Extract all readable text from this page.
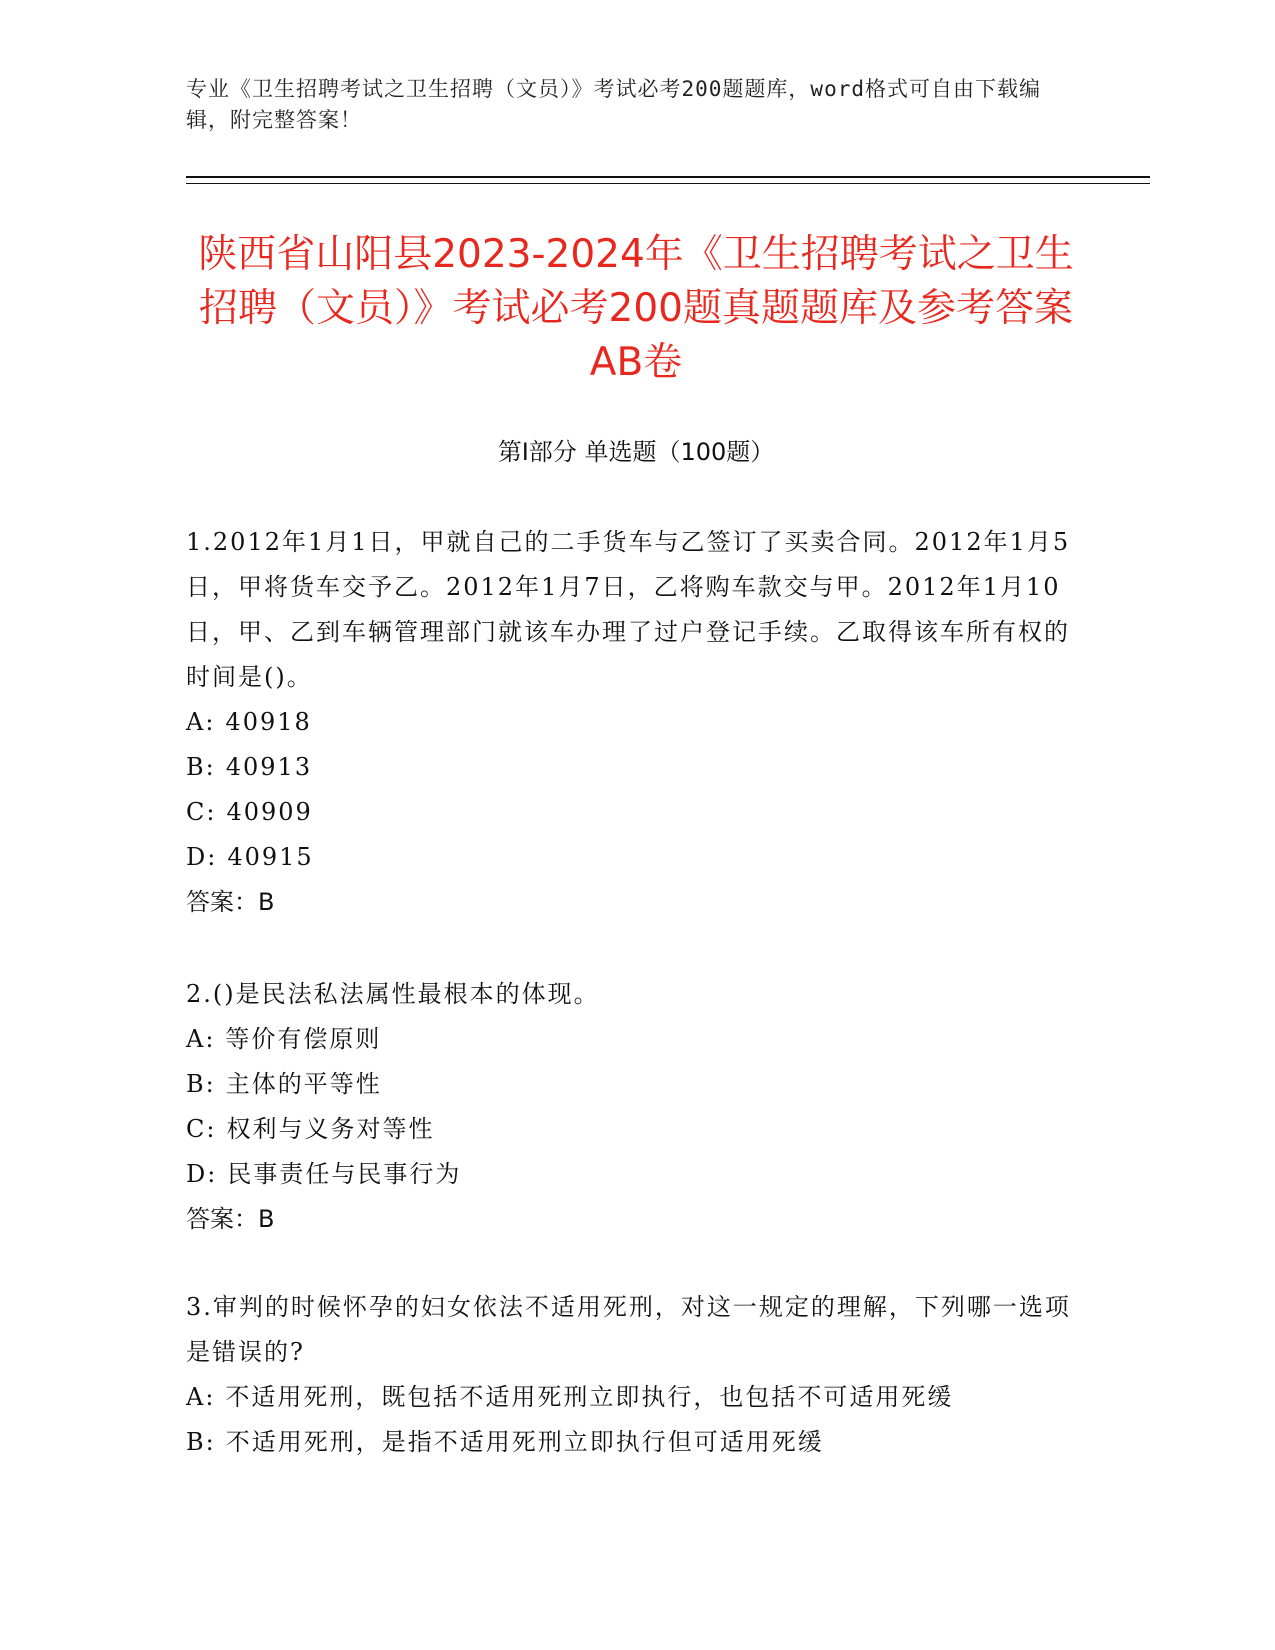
专业《卫生招聘考试之卫生招聘（文员）》考试必考200题题库，word格式可自由下载编辑，附完整答案！
陕西省山阳县2023-2024年《卫生招聘考试之卫生招聘（文员）》考试必考200题真题题库及参考答案AB卷
第I部分 单选题（100题）
1.2012年1月1日，甲就自己的二手货车与乙签订了买卖合同。2012年1月5日，甲将货车交予乙。2012年1月7日，乙将购车款交与甲。2012年1月10日，甲、乙到车辆管理部门就该车办理了过户登记手续。乙取得该车所有权的时间是()。
A: 40918
B: 40913
C: 40909
D: 40915
答案：B
2.()是民法私法属性最根本的体现。
A: 等价有偿原则
B: 主体的平等性
C: 权利与义务对等性
D: 民事责任与民事行为
答案：B
3.审判的时候怀孕的妇女依法不适用死刑，对这一规定的理解，下列哪一选项是错误的?
A: 不适用死刑，既包括不适用死刑立即执行，也包括不可适用死缓
B: 不适用死刑，是指不适用死刑立即执行但可适用死缓
